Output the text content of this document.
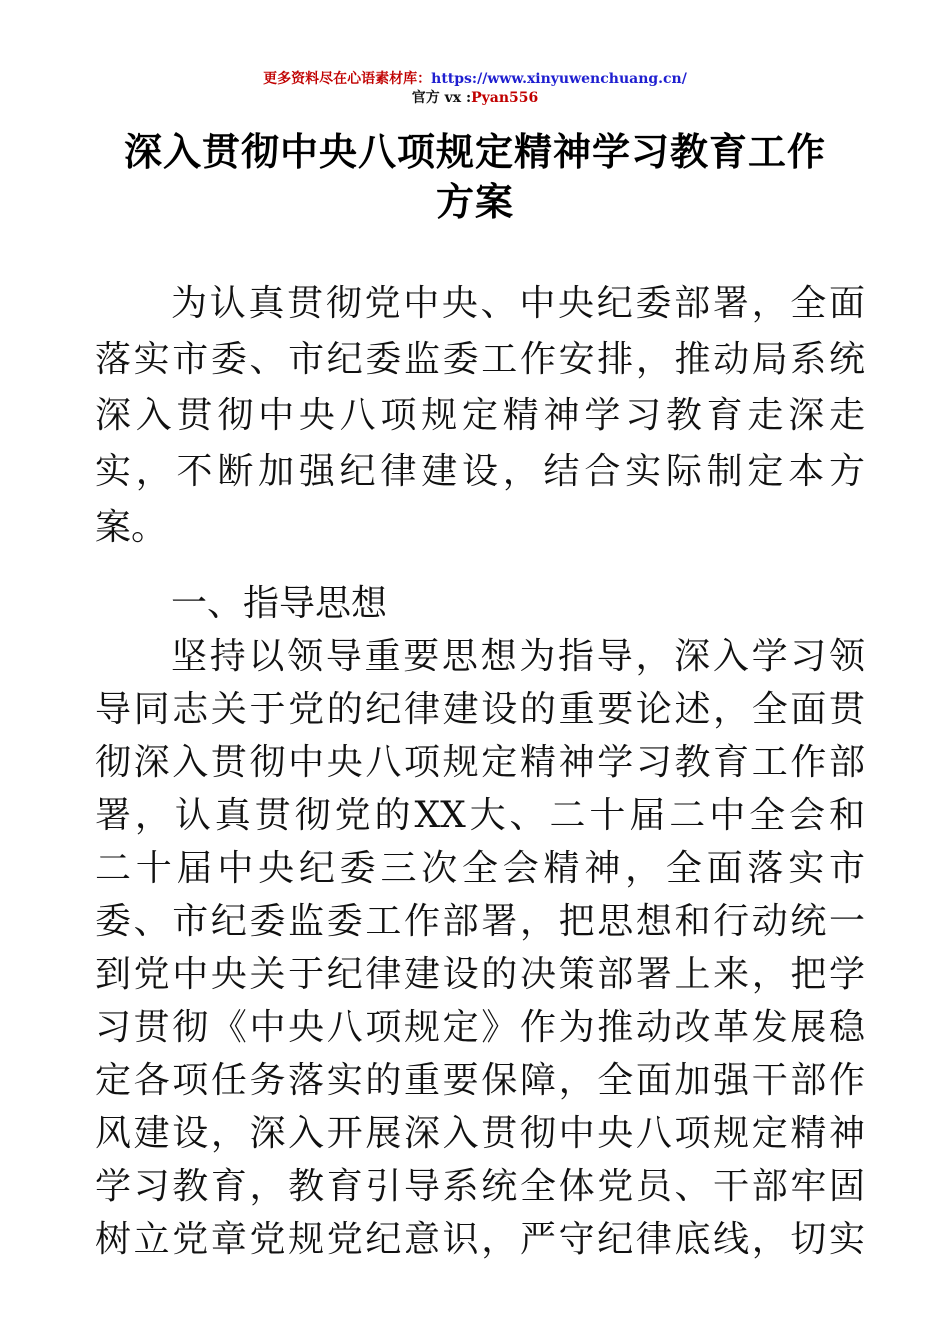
更多资料尽在心语素材库：https://www.xinyuwenchuang.cn/
官方 vx :Pyan556
深入贯彻中央八项规定精神学习教育工作
方案
为认真贯彻党中央、中央纪委部署，全面
落实市委、市纪委监委工作安排，推动局系统
深入贯彻中央八项规定精神学习教育走深走
实，不断加强纪律建设，结合实际制定本方
案。
一、指导思想
坚持以领导重要思想为指导，深入学习领
导同志关于党的纪律建设的重要论述，全面贯
彻深入贯彻中央八项规定精神学习教育工作部
署，认真贯彻党的XX大、二十届二中全会和
二十届中央纪委三次全会精神，全面落实市
委、市纪委监委工作部署，把思想和行动统一
到党中央关于纪律建设的决策部署上来，把学
习贯彻《中央八项规定》作为推动改革发展稳
定各项任务落实的重要保障，全面加强干部作
风建设，深入开展深入贯彻中央八项规定精神
学习教育，教育引导系统全体党员、干部牢固
树立党章党规党纪意识，严守纪律底线，切实
